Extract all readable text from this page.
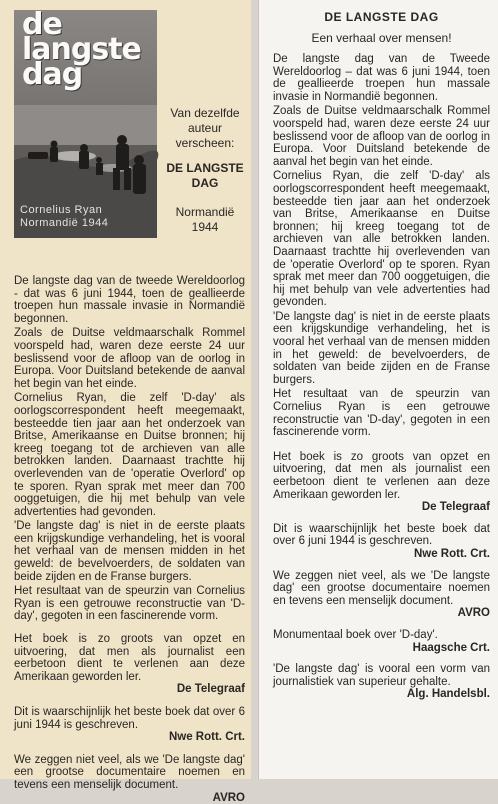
de
langste
dag

Cornelius Ryan
Normandië 1944

Van dezelfde auteur verscheen:

DE LANGSTE DAG

Normandië 1944

De langste dag van de tweede Wereldoorlog - dat was 6 juni 1944, toen de geallieerde troepen hun massale invasie in Normandië begonnen.

Zoals de Duitse veldmaarschalk Rommel voorspeld had, waren deze eerste 24 uur beslissend voor de afloop van de oorlog in Europa. Voor Duitsland betekende de aanval het begin van het einde.

Cornelius Ryan, die zelf 'D-day' als oorlogscorrespondent heeft meegemaakt, besteedde tien jaar aan het onderzoek van Britse, Amerikaanse en Duitse bronnen; hij kreeg toegang tot de archieven van alle betrokken landen. Daarnaast trachtte hij overlevenden van de 'operatie Overlord' op te sporen. Ryan sprak met meer dan 700 ooggetuigen, die hij met behulp van vele advertenties had gevonden.

'De langste dag' is niet in de eerste plaats een krijgskundige verhandeling, het is vooral het verhaal van de mensen midden in het geweld: de bevelvoerders, de soldaten van beide zijden en de Franse burgers.

Het resultaat van de speurzin van Cornelius Ryan is een getrouwe reconstructie van 'D-day', gegoten in een fascinerende vorm.

Het boek is zo groots van opzet en uitvoering, dat men als journalist een eerbetoon dient te verlenen aan deze Amerikaan geworden ler.
De Telegraaf

Dit is waarschijnlijk het beste boek dat over 6 juni 1944 is geschreven.
Nwe Rott. Crt.

We zeggen niet veel, als we 'De langste dag' een grootse documentaire noemen en tevens een menselijk document.
AVRO

DE LANGSTE DAG

Een verhaal over mensen!

De langste dag van de Tweede Wereldoorlog – dat was 6 juni 1944, toen de geallieerde troepen hun massale invasie in Normandië begonnen.

Zoals de Duitse veldmaarschalk Rommel voorspeld had, waren deze eerste 24 uur beslissend voor de afloop van de oorlog in Europa. Voor Duitsland betekende de aanval het begin van het einde.

Cornelius Ryan, die zelf 'D-day' als oorlogscorrespondent heeft meegemaakt, besteedde tien jaar aan het onderzoek van Britse, Amerikaanse en Duitse bronnen; hij kreeg toegang tot de archieven van alle betrokken landen. Daarnaast trachtte hij overlevenden van de 'operatie Overlord' op te sporen. Ryan sprak met meer dan 700 ooggetuigen, die hij met behulp van vele advertenties had gevonden.

'De langste dag' is niet in de eerste plaats een krijgskundige verhandeling, het is vooral het verhaal van de mensen midden in het geweld: de bevelvoerders, de soldaten van beide zijden en de Franse burgers.

Het resultaat van de speurzin van Cornelius Ryan is een getrouwe reconstructie van 'D-day', gegoten in een fascinerende vorm.

Het boek is zo groots van opzet en uitvoering, dat men als journalist een eerbetoon dient te verlenen aan deze Amerikaan geworden ler.
De Telegraaf

Dit is waarschijnlijk het beste boek dat over 6 juni 1944 is geschreven.
Nwe Rott. Crt.

We zeggen niet veel, als we 'De langste dag' een grootse documentaire noemen en tevens een menselijk document.
AVRO

Monumentaal boek over 'D-day'.
Haagsche Crt.

'De langste dag' is vooral een vorm van journalistiek van superieur gehalte.
Alg. Handelsbl.
